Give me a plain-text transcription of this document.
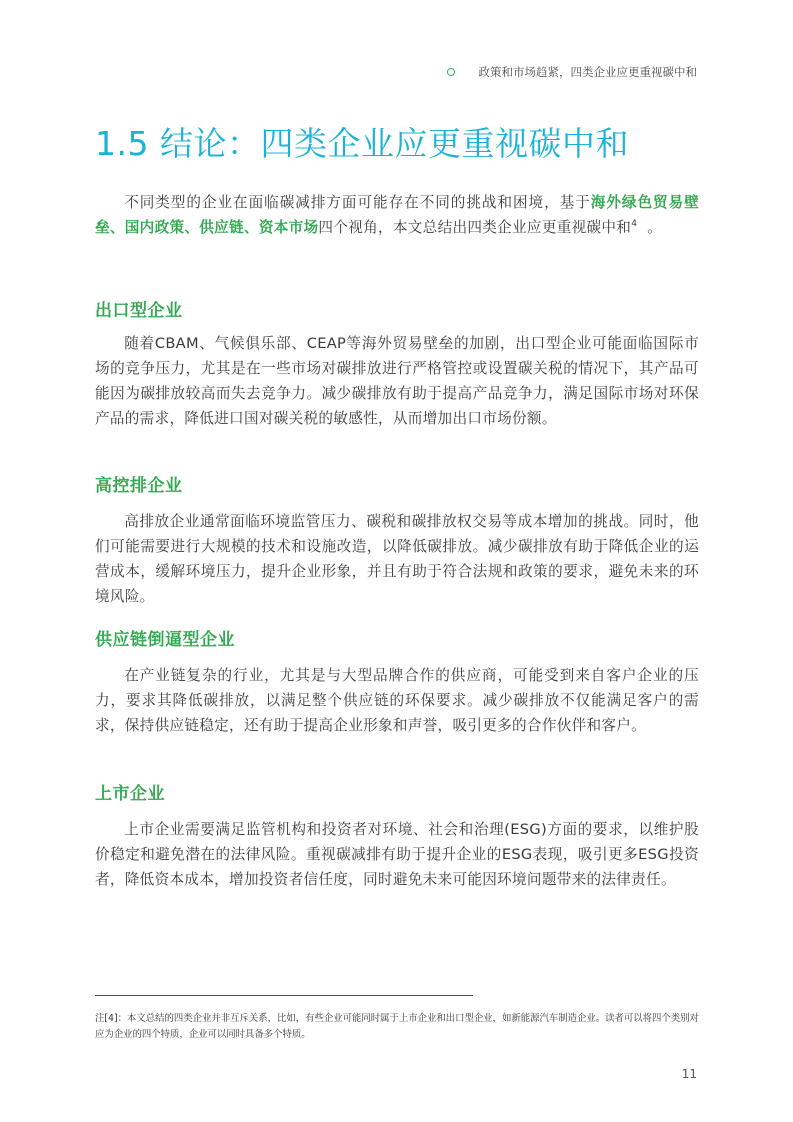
政策和市场趋紧，四类企业应更重视碳中和
1.5 结论：四类企业应更重视碳中和

不同类型的企业在面临碳减排方面可能存在不同的挑战和困境，基于海外绿色贸易壁垒、国内政策、供应链、资本市场四个视角，本文总结出四类企业应更重视碳中和$^4$ 。

出口型企业

随着CBAM、气候俱乐部、CEAP等海外贸易壁垒的加剧，出口型企业可能面临国际市场的竞争压力，尤其是在一些市场对碳排放进行严格管控或设置碳关税的情况下，其产品可能因为碳排放较高而失去竞争力。减少碳排放有助于提高产品竞争力，满足国际市场对环保产品的需求，降低进口国对碳关税的敏感性，从而增加出口市场份额。

高控排企业

高排放企业通常面临环境监管压力、碳税和碳排放权交易等成本增加的挑战。同时，他们可能需要进行大规模的技术和设施改造，以降低碳排放。减少碳排放有助于降低企业的运营成本，缓解环境压力，提升企业形象，并且有助于符合法规和政策的要求，避免未来的环境风险。

供应链倒逼型企业

在产业链复杂的行业，尤其是与大型品牌合作的供应商，可能受到来自客户企业的压力，要求其降低碳排放，以满足整个供应链的环保要求。减少碳排放不仅能满足客户的需求，保持供应链稳定，还有助于提高企业形象和声誉，吸引更多的合作伙伴和客户。

上市企业

上市企业需要满足监管机构和投资者对环境、社会和治理(ESG)方面的要求，以维护股价稳定和避免潜在的法律风险。重视碳减排有助于提升企业的ESG表现，吸引更多ESG投资者，降低资本成本，增加投资者信任度，同时避免未来可能因环境问题带来的法律责任。

注[4]：本文总结的四类企业并非互斥关系，比如，有些企业可能同时属于上市企业和出口型企业，如新能源汽车制造企业。读者可以将四个类别对应为企业的四个特质，企业可以同时具备多个特质。
11
